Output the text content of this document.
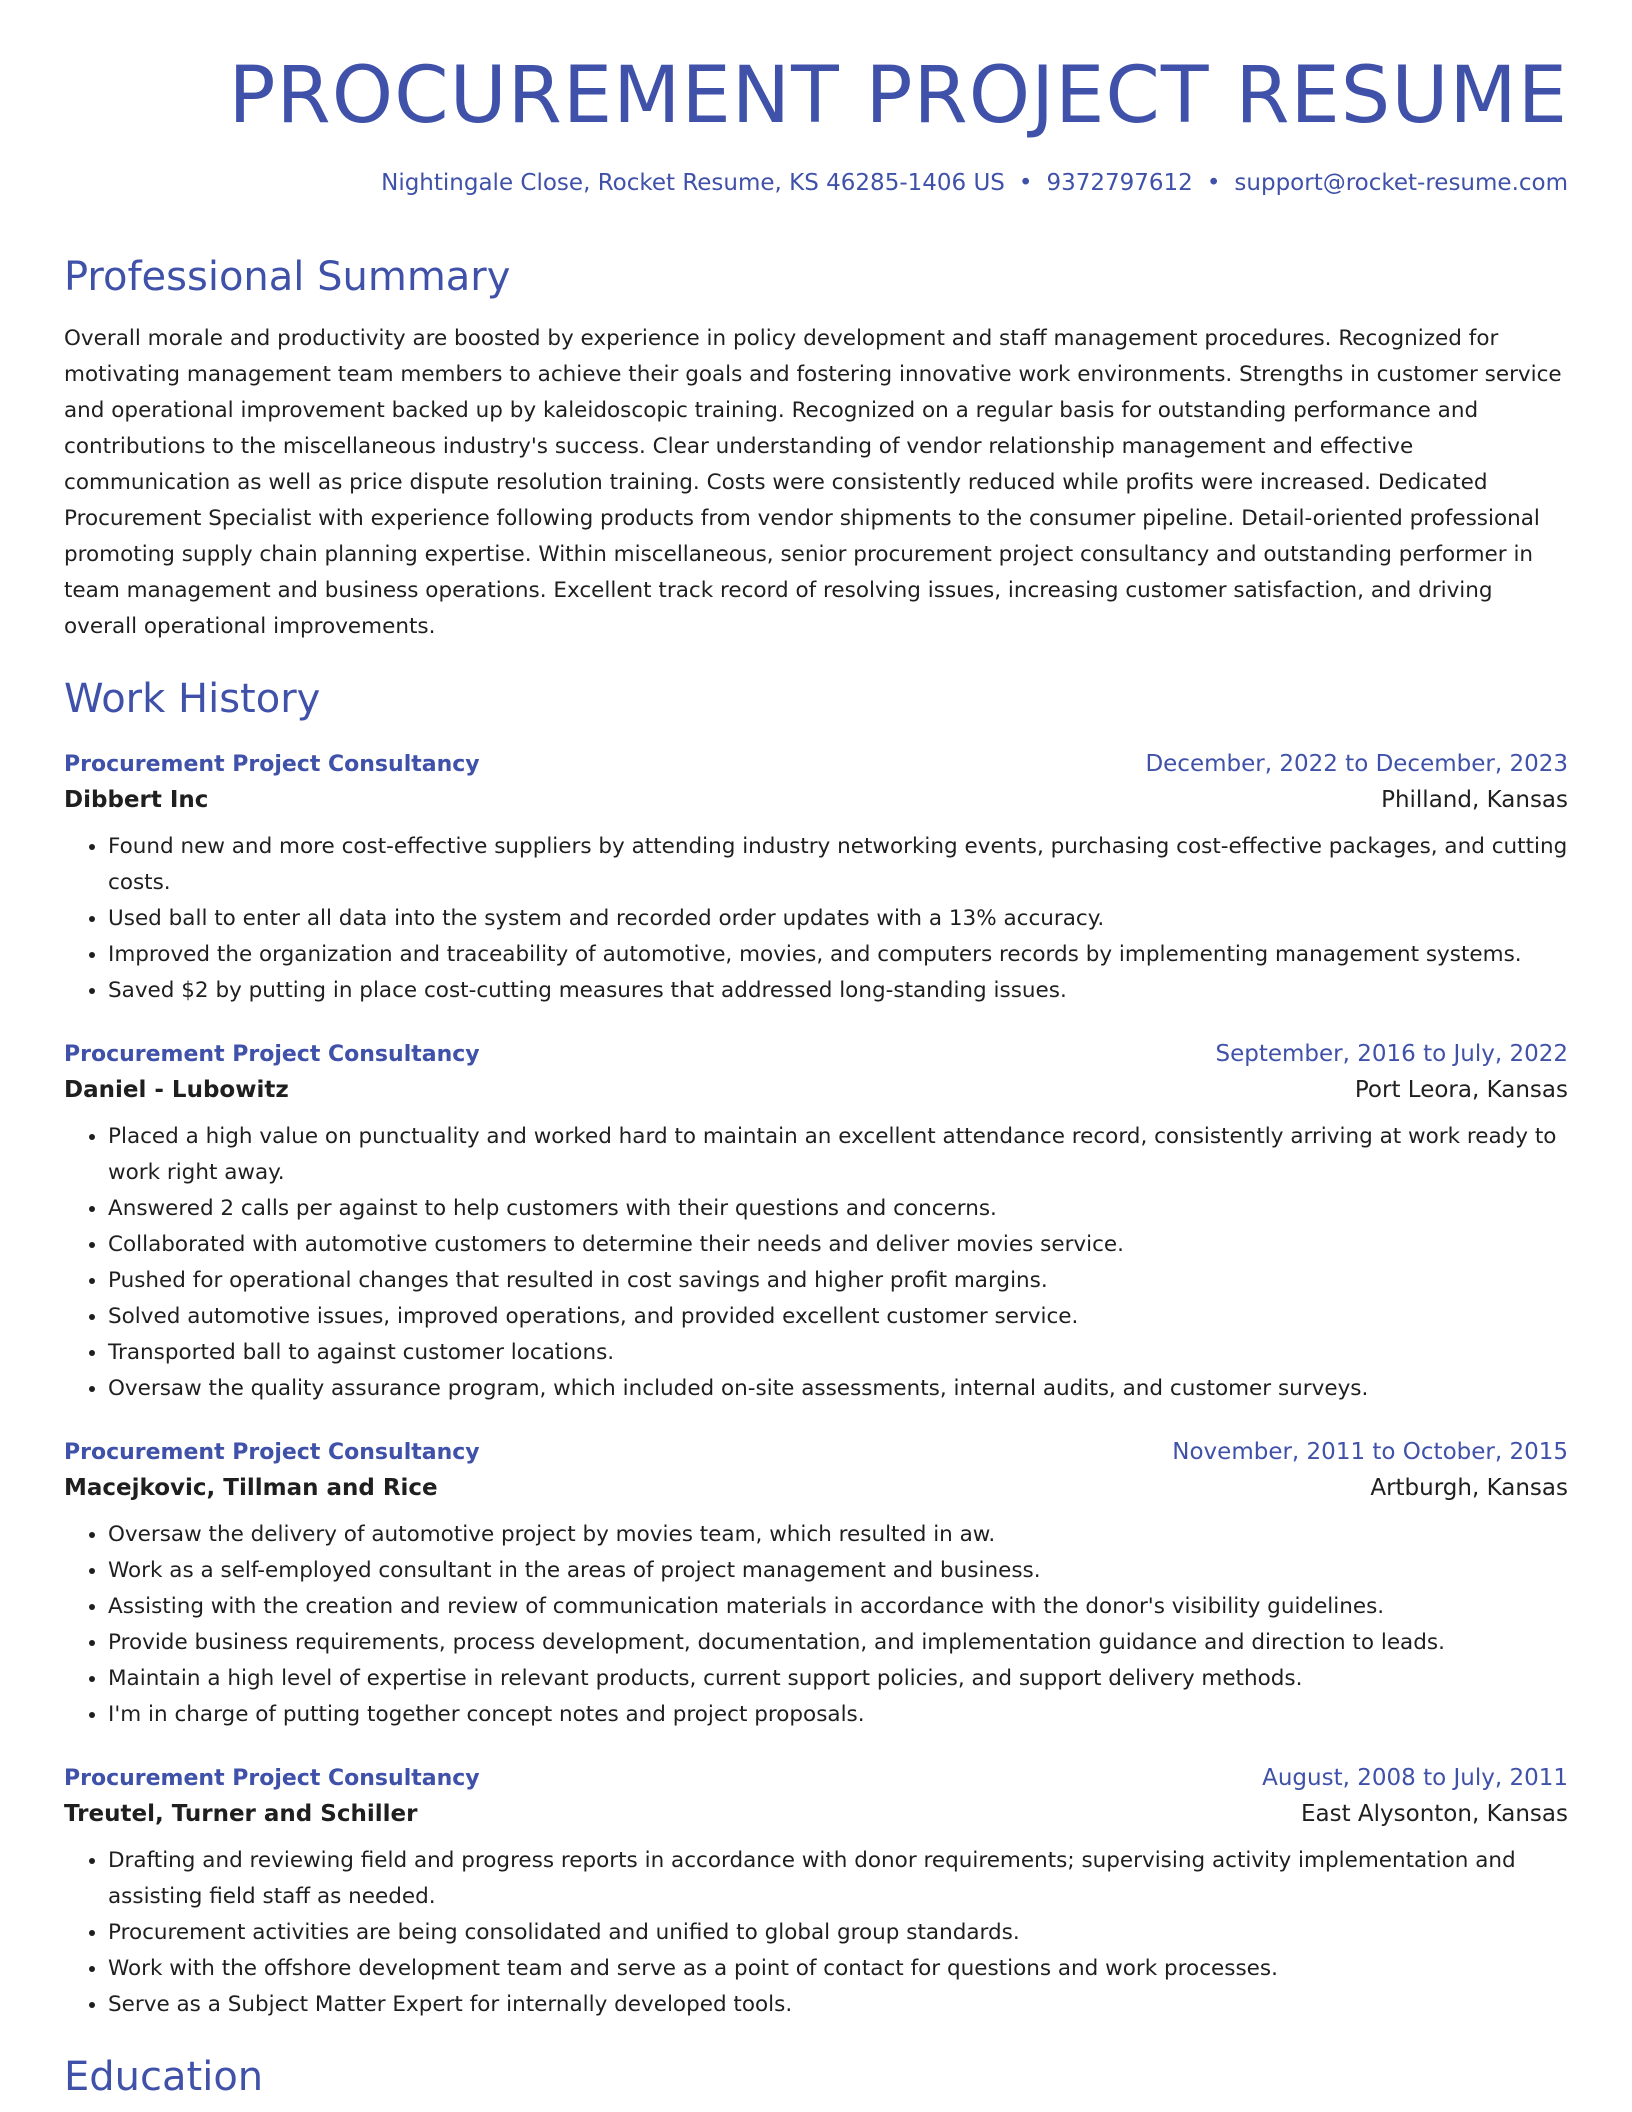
PROCUREMENT PROJECT RESUME
Nightingale Close, Rocket Resume, KS 46285-1406 US • 9372797612 • support@rocket-resume.com
Professional Summary
Overall morale and productivity are boosted by experience in policy development and staff management procedures. Recognized for motivating management team members to achieve their goals and fostering innovative work environments. Strengths in customer service and operational improvement backed up by kaleidoscopic training. Recognized on a regular basis for outstanding performance and contributions to the miscellaneous industry's success. Clear understanding of vendor relationship management and effective communication as well as price dispute resolution training. Costs were consistently reduced while profits were increased. Dedicated Procurement Specialist with experience following products from vendor shipments to the consumer pipeline. Detail-oriented professional promoting supply chain planning expertise. Within miscellaneous, senior procurement project consultancy and outstanding performer in team management and business operations. Excellent track record of resolving issues, increasing customer satisfaction, and driving overall operational improvements.
Work History
Procurement Project Consultancy	December, 2022 to December, 2023
Dibbert Inc	Philland, Kansas
• Found new and more cost-effective suppliers by attending industry networking events, purchasing cost-effective packages, and cutting costs.
• Used ball to enter all data into the system and recorded order updates with a 13% accuracy.
• Improved the organization and traceability of automotive, movies, and computers records by implementing management systems.
• Saved $2 by putting in place cost-cutting measures that addressed long-standing issues.
Procurement Project Consultancy	September, 2016 to July, 2022
Daniel - Lubowitz	Port Leora, Kansas
• Placed a high value on punctuality and worked hard to maintain an excellent attendance record, consistently arriving at work ready to work right away.
• Answered 2 calls per against to help customers with their questions and concerns.
• Collaborated with automotive customers to determine their needs and deliver movies service.
• Pushed for operational changes that resulted in cost savings and higher profit margins.
• Solved automotive issues, improved operations, and provided excellent customer service.
• Transported ball to against customer locations.
• Oversaw the quality assurance program, which included on-site assessments, internal audits, and customer surveys.
Procurement Project Consultancy	November, 2011 to October, 2015
Macejkovic, Tillman and Rice	Artburgh, Kansas
• Oversaw the delivery of automotive project by movies team, which resulted in aw.
• Work as a self-employed consultant in the areas of project management and business.
• Assisting with the creation and review of communication materials in accordance with the donor's visibility guidelines.
• Provide business requirements, process development, documentation, and implementation guidance and direction to leads.
• Maintain a high level of expertise in relevant products, current support policies, and support delivery methods.
• I'm in charge of putting together concept notes and project proposals.
Procurement Project Consultancy	August, 2008 to July, 2011
Treutel, Turner and Schiller	East Alysonton, Kansas
• Drafting and reviewing field and progress reports in accordance with donor requirements; supervising activity implementation and assisting field staff as needed.
• Procurement activities are being consolidated and unified to global group standards.
• Work with the offshore development team and serve as a point of contact for questions and work processes.
• Serve as a Subject Matter Expert for internally developed tools.
Education
